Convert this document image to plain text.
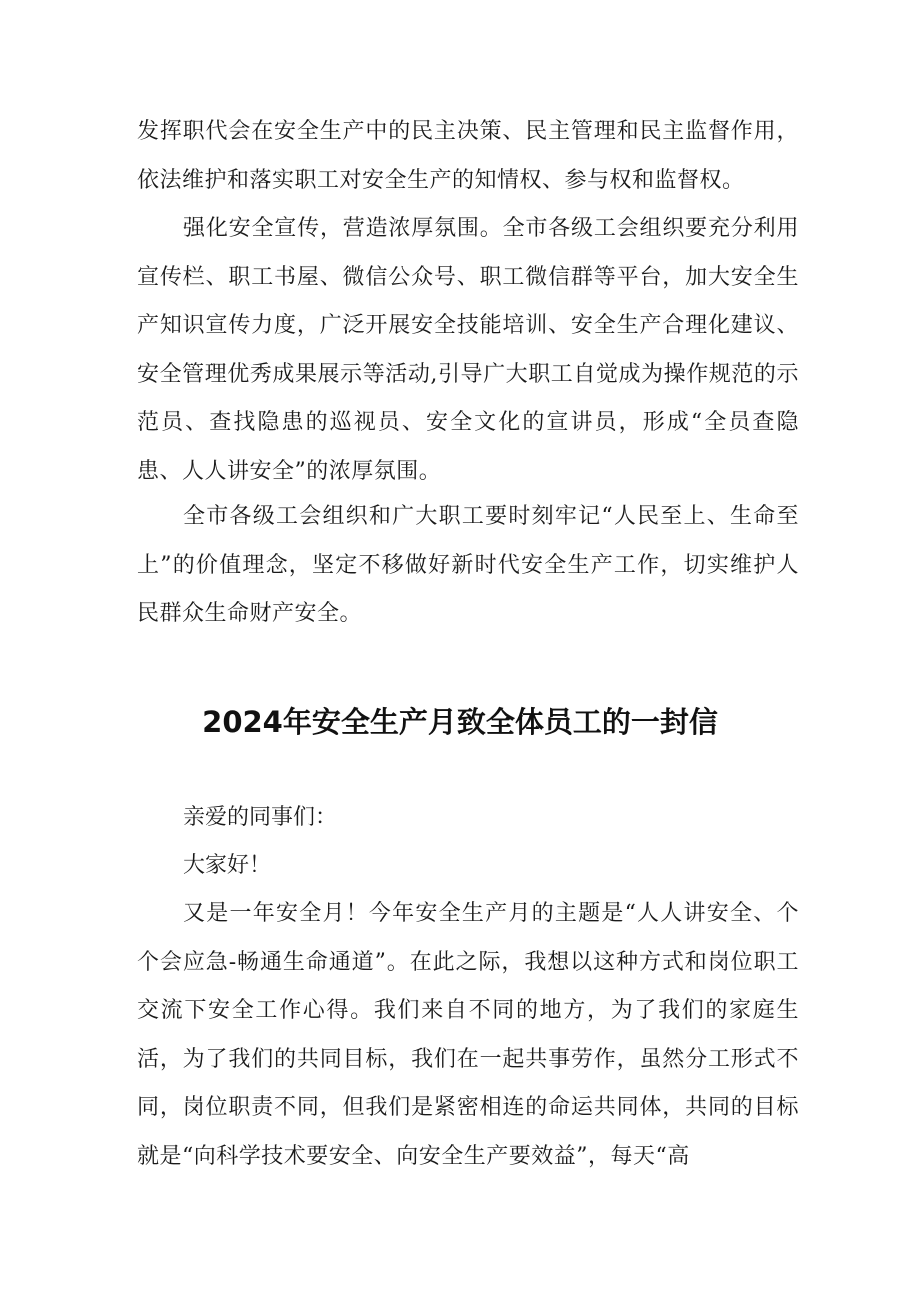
发挥职代会在安全生产中的民主决策、民主管理和民主监督作用，依法维护和落实职工对安全生产的知情权、参与权和监督权。

强化安全宣传，营造浓厚氛围。全市各级工会组织要充分利用宣传栏、职工书屋、微信公众号、职工微信群等平台，加大安全生产知识宣传力度，广泛开展安全技能培训、安全生产合理化建议、安全管理优秀成果展示等活动,引导广大职工自觉成为操作规范的示范员、查找隐患的巡视员、安全文化的宣讲员，形成“全员查隐患、人人讲安全”的浓厚氛围。

全市各级工会组织和广大职工要时刻牢记“人民至上、生命至上”的价值理念，坚定不移做好新时代安全生产工作，切实维护人民群众生命财产安全。

2024年安全生产月致全体员工的一封信

亲爱的同事们：

大家好！

又是一年安全月！今年安全生产月的主题是“人人讲安全、个个会应急-畅通生命通道”。在此之际，我想以这种方式和岗位职工交流下安全工作心得。我们来自不同的地方，为了我们的家庭生活，为了我们的共同目标，我们在一起共事劳作，虽然分工形式不同，岗位职责不同，但我们是紧密相连的命运共同体，共同的目标就是“向科学技术要安全、向安全生产要效益”，每天“高
